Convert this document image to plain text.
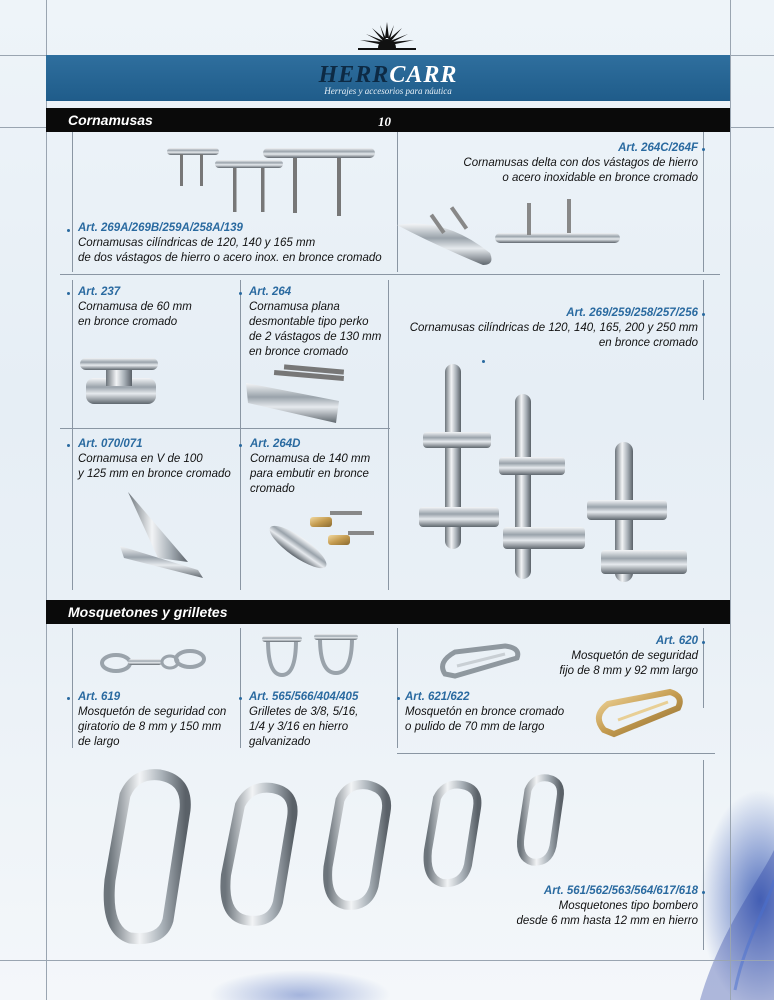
HERRCARR
Herrajes y accesorios para náutica
Cornamusas	10
Mosquetones y grilletes
Art. 269A/269B/259A/258A/139
Cornamusas cilíndricas de 120, 140 y 165 mm
de dos vástagos de hierro o acero inox. en bronce cromado
Art. 264C/264F
Cornamusas delta con dos vástagos de hierro
o acero inoxidable en bronce cromado
Art. 237
Cornamusa de 60 mm
en bronce cromado
Art. 264
Cornamusa plana
desmontable tipo perko
de 2 vástagos de 130 mm
en bronce cromado
Art. 269/259/258/257/256
Cornamusas cilíndricas de 120, 140, 165, 200 y 250 mm
en bronce cromado
Art. 070/071
Cornamusa en V de 100
y 125 mm en bronce cromado
Art. 264D
Cornamusa de 140 mm
para embutir en bronce
cromado
Art. 619
Mosquetón de seguridad con
giratorio de 8 mm y 150 mm
de largo
Art. 565/566/404/405
Grilletes de 3/8, 5/16,
1/4 y 3/16 en hierro
galvanizado
Art. 621/622
Mosquetón en bronce cromado
o pulido de 70 mm de largo
Art. 620
Mosquetón de seguridad
fijo de 8 mm y 92 mm largo
Art. 561/562/563/564/617/618
Mosquetones tipo bombero
desde 6 mm hasta 12 mm en hierro
